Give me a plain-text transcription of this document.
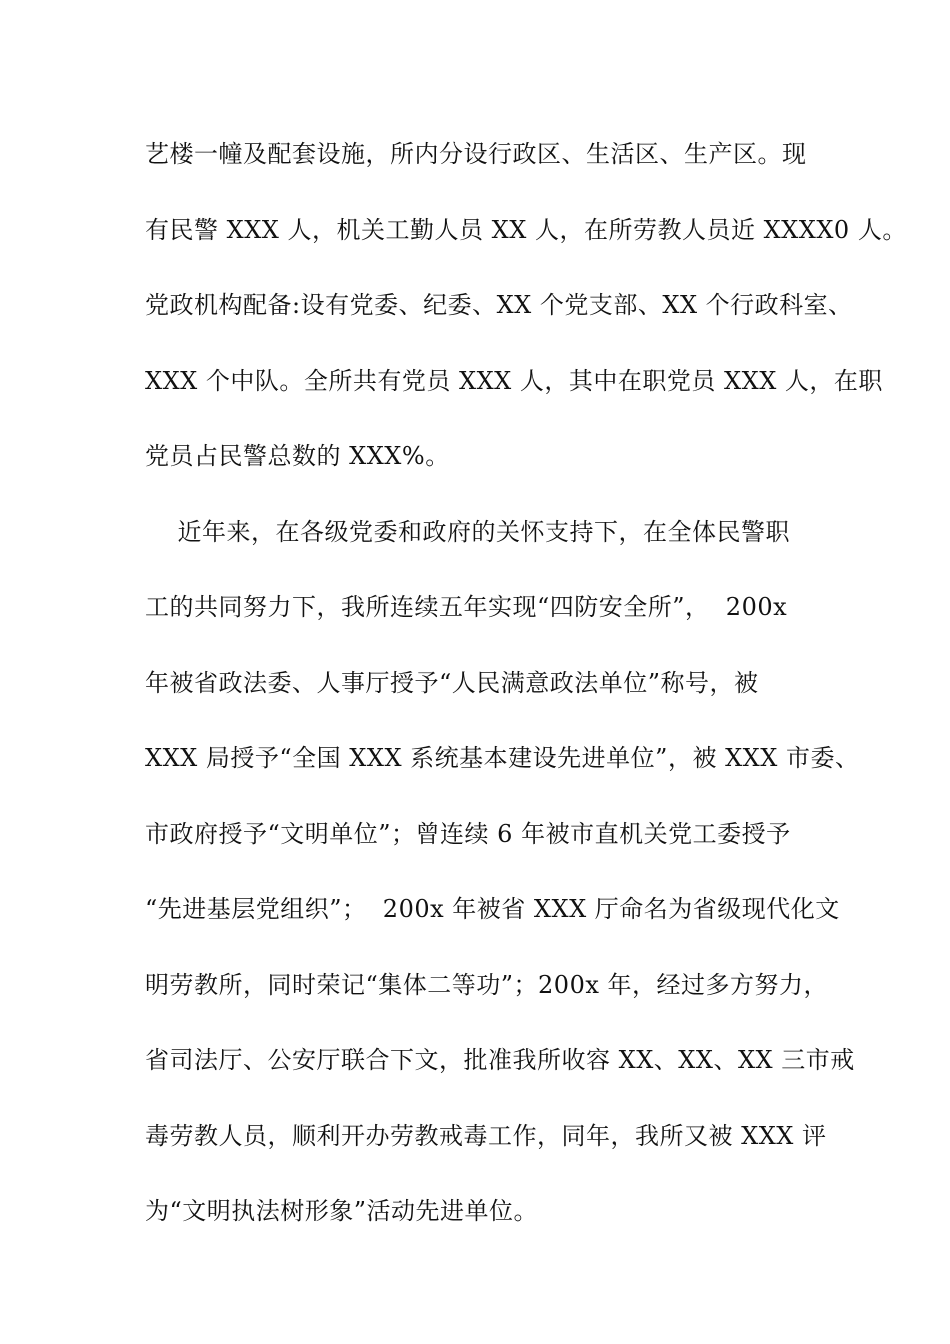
艺楼一幢及配套设施，所内分设行政区、生活区、生产区。现
有民警 XXX 人，机关工勤人员 XX 人，在所劳教人员近 XXXX0 人。
党政机构配备:设有党委、纪委、XX 个党支部、XX 个行政科室、
XXX 个中队。全所共有党员 XXX 人，其中在职党员 XXX 人，在职
党员占民警总数的 XXX%。
近年来，在各级党委和政府的关怀支持下，在全体民警职
工的共同努力下，我所连续五年实现“四防安全所”，  200x
年被省政法委、人事厅授予“人民满意政法单位”称号，被
XXX 局授予“全国 XXX 系统基本建设先进单位”，被 XXX 市委、
市政府授予“文明单位”；曾连续 6 年被市直机关党工委授予
“先进基层党组织”；  200x 年被省 XXX 厅命名为省级现代化文
明劳教所，同时荣记“集体二等功”；200x 年，经过多方努力，
省司法厅、公安厅联合下文，批准我所收容 XX、XX、XX 三市戒
毒劳教人员，顺利开办劳教戒毒工作，同年，我所又被 XXX 评
为“文明执法树形象”活动先进单位。
